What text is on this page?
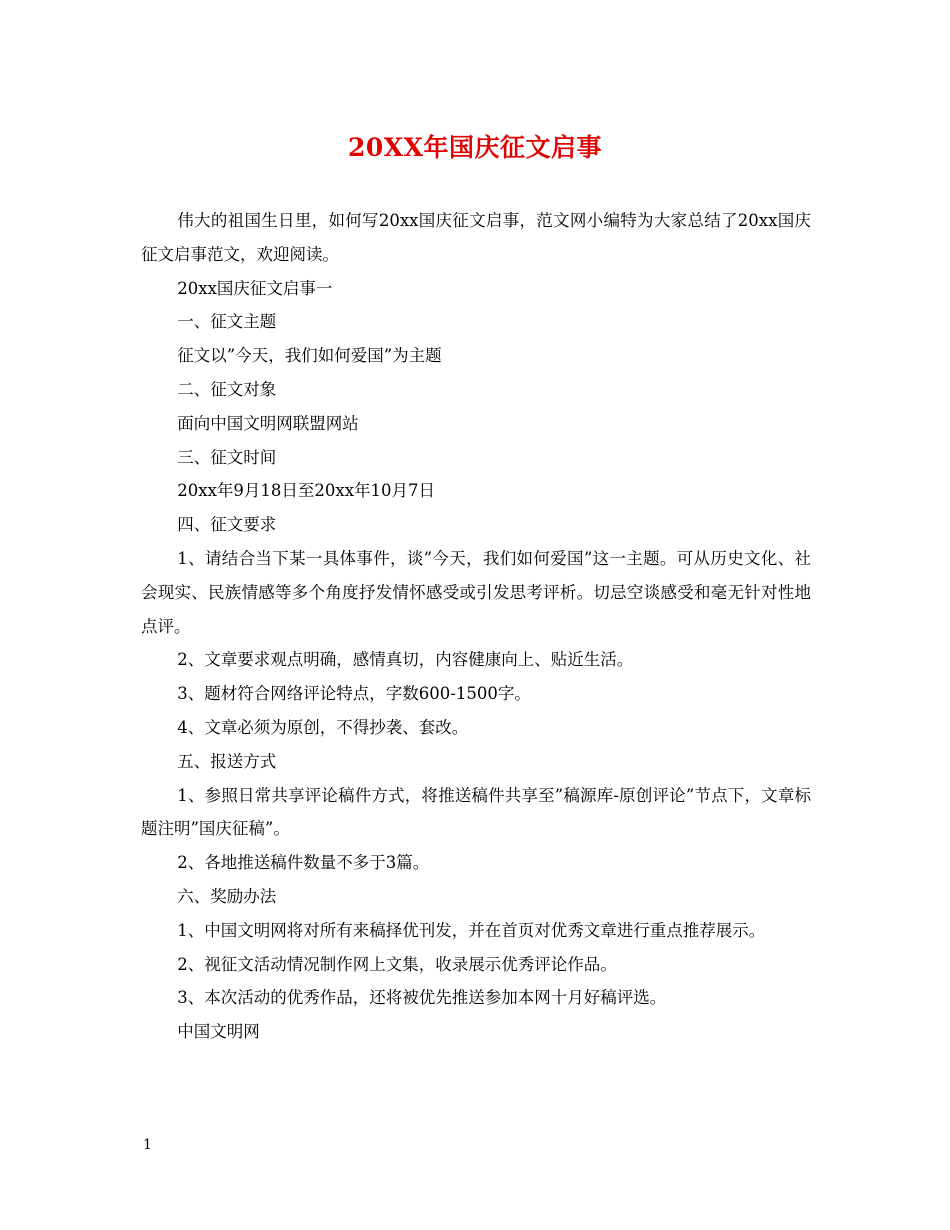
20XX年国庆征文启事

伟大的祖国生日里，如何写20xx国庆征文启事，范文网小编特为大家总结了20xx国庆征文启事范文，欢迎阅读。

20xx国庆征文启事一

一、征文主题

征文以”今天，我们如何爱国”为主题

二、征文对象

面向中国文明网联盟网站

三、征文时间

20xx年9月18日至20xx年10月7日

四、征文要求

1、请结合当下某一具体事件，谈”今天，我们如何爱国”这一主题。可从历史文化、社会现实、民族情感等多个角度抒发情怀感受或引发思考评析。切忌空谈感受和毫无针对性地点评。

2、文章要求观点明确，感情真切，内容健康向上、贴近生活。

3、题材符合网络评论特点，字数600-1500字。

4、文章必须为原创，不得抄袭、套改。

五、报送方式

1、参照日常共享评论稿件方式，将推送稿件共享至”稿源库-原创评论”节点下，文章标题注明”国庆征稿”。

2、各地推送稿件数量不多于3篇。

六、奖励办法

1、中国文明网将对所有来稿择优刊发，并在首页对优秀文章进行重点推荐展示。

2、视征文活动情况制作网上文集，收录展示优秀评论作品。

3、本次活动的优秀作品，还将被优先推送参加本网十月好稿评选。

中国文明网

1
